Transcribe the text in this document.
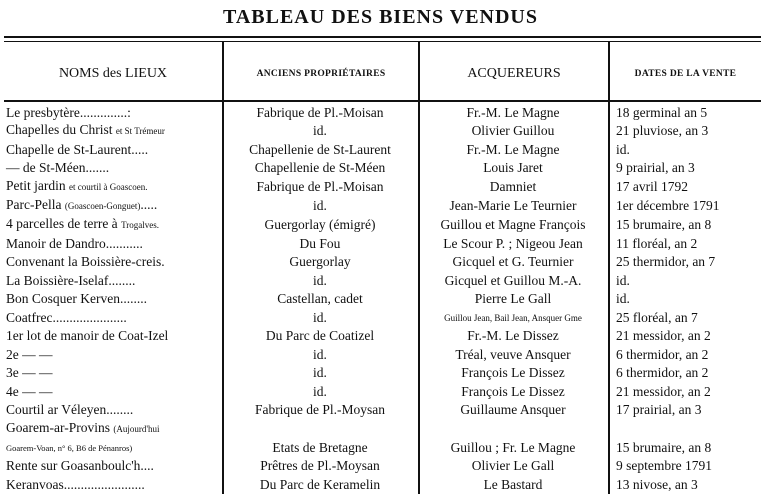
TABLEAU DES BIENS VENDUS
NOMS des LIEUX	ANCIENS PROPRIÉTAIRES	ACQUEREURS	DATES DE LA VENTE
Le presbytère..............:	Fabrique de Pl.-Moisan	Fr.-M. Le Magne	18 germinal an 5
Chapelles du Christ et St Trémeur	id.	Olivier Guillou	21 pluviose, an 3
Chapelle de St-Laurent.....	Chapellenie de St-Laurent	Fr.-M. Le Magne	id.
— de St-Méen.......	Chapellenie de St-Méen	Louis Jaret	9 prairial, an 3
Petit jardin et courtil à Goascoen.	Fabrique de Pl.-Moisan	Damniet	17 avril 1792
Parc-Pella (Goascoen-Gonguet).....	id.	Jean-Marie Le Teurnier	1er décembre 1791
4 parcelles de terre à Trogalves.	Guergorlay (émigré)	Guillou et Magne François	15 brumaire, an 8
Manoir de Dandro...........	Du Fou	Le Scour P. ; Nigeou Jean	11 floréal, an 2
Convenant la Boissière-creis.	Guergorlay	Gicquel et G. Teurnier	25 thermidor, an 7
La Boissière-Iselaf........	id.	Gicquel et Guillou M.-A.	id.
Bon Cosquer Kerven........	Castellan, cadet	Pierre Le Gall	id.
Coatfrec......................	id.	Guillou Jean, Bail Jean, Ansquer Gme	25 floréal, an 7
1er lot de manoir de Coat-Izel	Du Parc de Coatizel	Fr.-M. Le Dissez	21 messidor, an 2
2e — —	id.	Tréal, veuve Ansquer	6 thermidor, an 2
3e — —	id.	François Le Dissez	6 thermidor, an 2
4e — —	id.	François Le Dissez	21 messidor, an 2
Courtil ar Véleyen........	Fabrique de Pl.-Moysan	Guillaume Ansquer	17 prairial, an 3
Goarem-ar-Provins (Aujourd'hui			
Goarem-Voan, n° 6, B6 de Pénanros)	Etats de Bretagne	Guillou ; Fr. Le Magne	15 brumaire, an 8
Rente sur Goasanboulc'h....	Prêtres de Pl.-Moysan	Olivier Le Gall	9 septembre 1791
Keranvoas........................	Du Parc de Keramelin	Le Bastard	13 nivose, an 3
